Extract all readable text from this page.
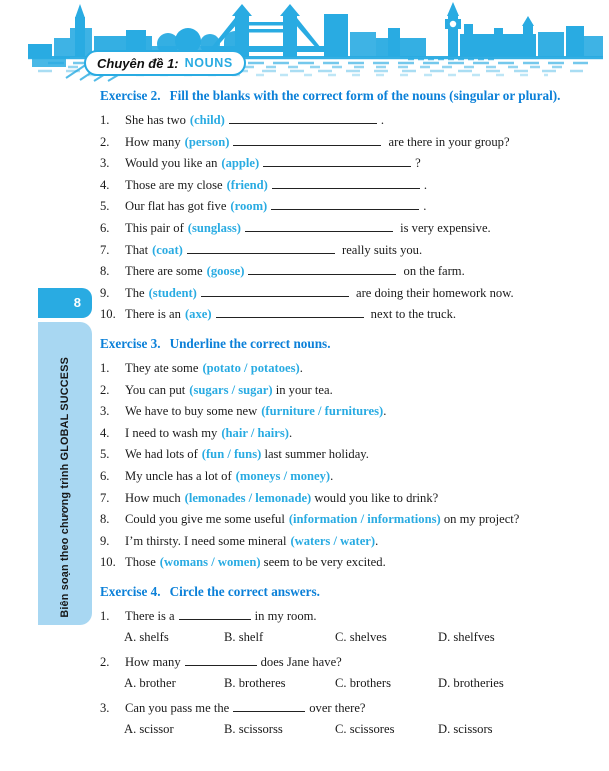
Chuyên đề 1: NOUNS
8
Biên soạn theo chương trình GLOBAL SUCCESS
Exercise 2. Fill the blanks with the correct form of the nouns (singular or plural).
1.	She has two (child)	.
2.	How many (person)	are there in your group?
3.	Would you like an (apple)	?
4.	Those are my close (friend)	.
5.	Our flat has got five (room)	.
6.	This pair of (sunglass)	is very expensive.
7.	That (coat)	really suits you.
8.	There are some (goose)	on the farm.
9.	The (student)	are doing their homework now.
10. There is an (axe)	next to the truck.
Exercise 3. Underline the correct nouns.
1.	They ate some (potato / potatoes).
2.	You can put (sugars / sugar) in your tea.
3.	We have to buy some new (furniture / furnitures).
4.	I need to wash my (hair / hairs).
5.	We had lots of (fun / funs) last summer holiday.
6.	My uncle has a lot of (moneys / money).
7.	How much (lemonades / lemonade) would you like to drink?
8.	Could you give me some useful (information / informations) on my project?
9.	I’m thirsty. I need some mineral (waters / water).
10. Those (womans / women) seem to be very excited.
Exercise 4. Circle the correct answers.
1.	There is a	in my room.
A. shelfs	B. shelf	C. shelves	D. shelfves
2.	How many	does Jane have?
A. brother	B. brotheres	C. brothers	D. brotheries
3.	Can you pass me the	over there?
A. scissor	B. scissorss	C. scissores	D. scissors
